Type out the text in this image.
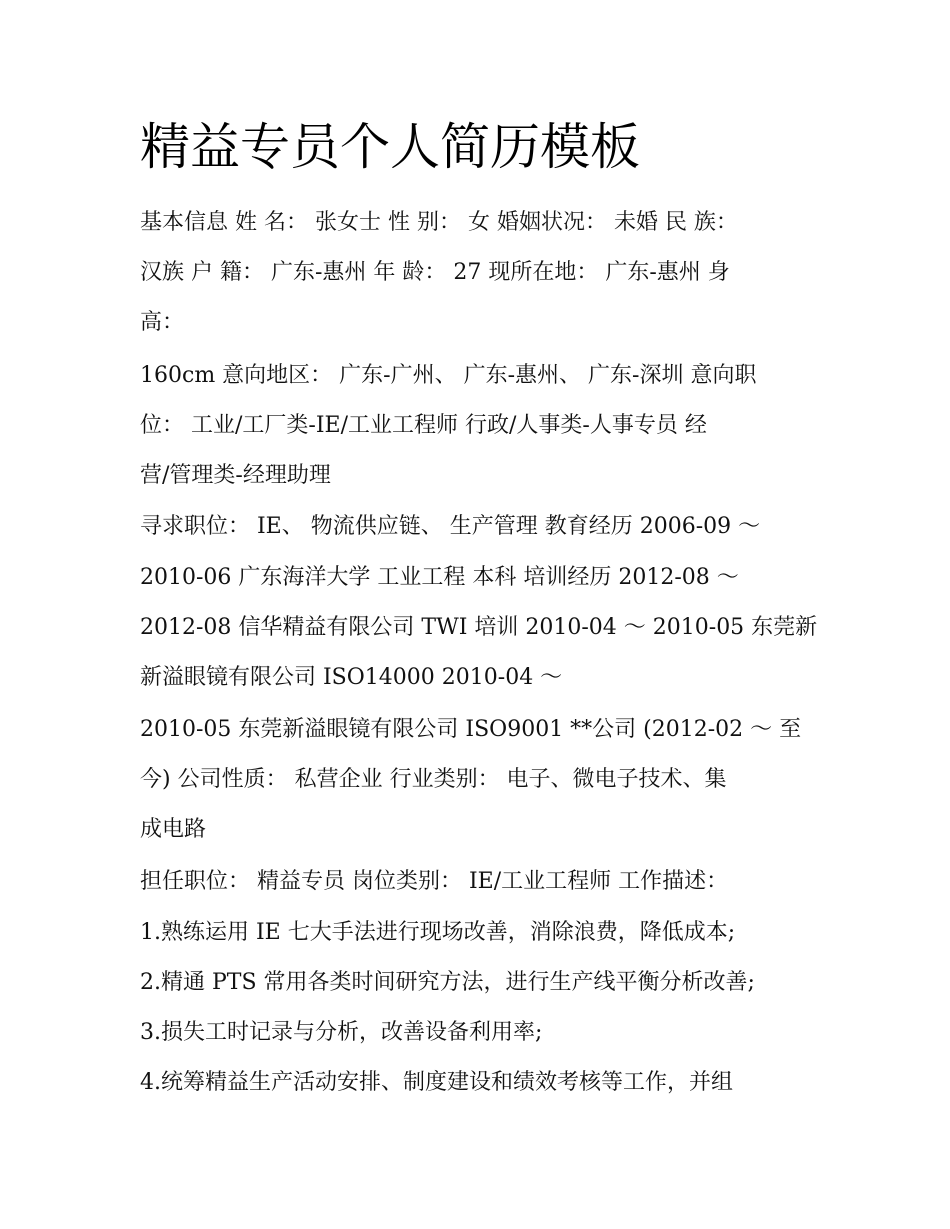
精益专员个人简历模板

基本信息 姓 名： 张女士 性 别： 女 婚姻状况： 未婚 民 族：

汉族 户 籍： 广东-惠州 年 龄： 27 现所在地： 广东-惠州 身

高：

160cm 意向地区： 广东-广州、 广东-惠州、 广东-深圳 意向职

位： 工业/工厂类-IE/工业工程师 行政/人事类-人事专员 经

营/管理类-经理助理

寻求职位： IE、 物流供应链、 生产管理 教育经历 2006-09 ～

2010-06 广东海洋大学 工业工程 本科 培训经历 2012-08 ～

2012-08 信华精益有限公司 TWI 培训 2010-04 ～ 2010-05 东莞新

新溢眼镜有限公司 ISO14000 2010-04 ～

2010-05 东莞新溢眼镜有限公司 ISO9001 **公司 (2012-02 ～ 至

今) 公司性质： 私营企业 行业类别： 电子、微电子技术、集

成电路

担任职位： 精益专员 岗位类别： IE/工业工程师 工作描述：

1.熟练运用 IE 七大手法进行现场改善，消除浪费，降低成本;

2.精通 PTS 常用各类时间研究方法，进行生产线平衡分析改善;

3.损失工时记录与分析，改善设备利用率;

4.统筹精益生产活动安排、制度建设和绩效考核等工作，并组
